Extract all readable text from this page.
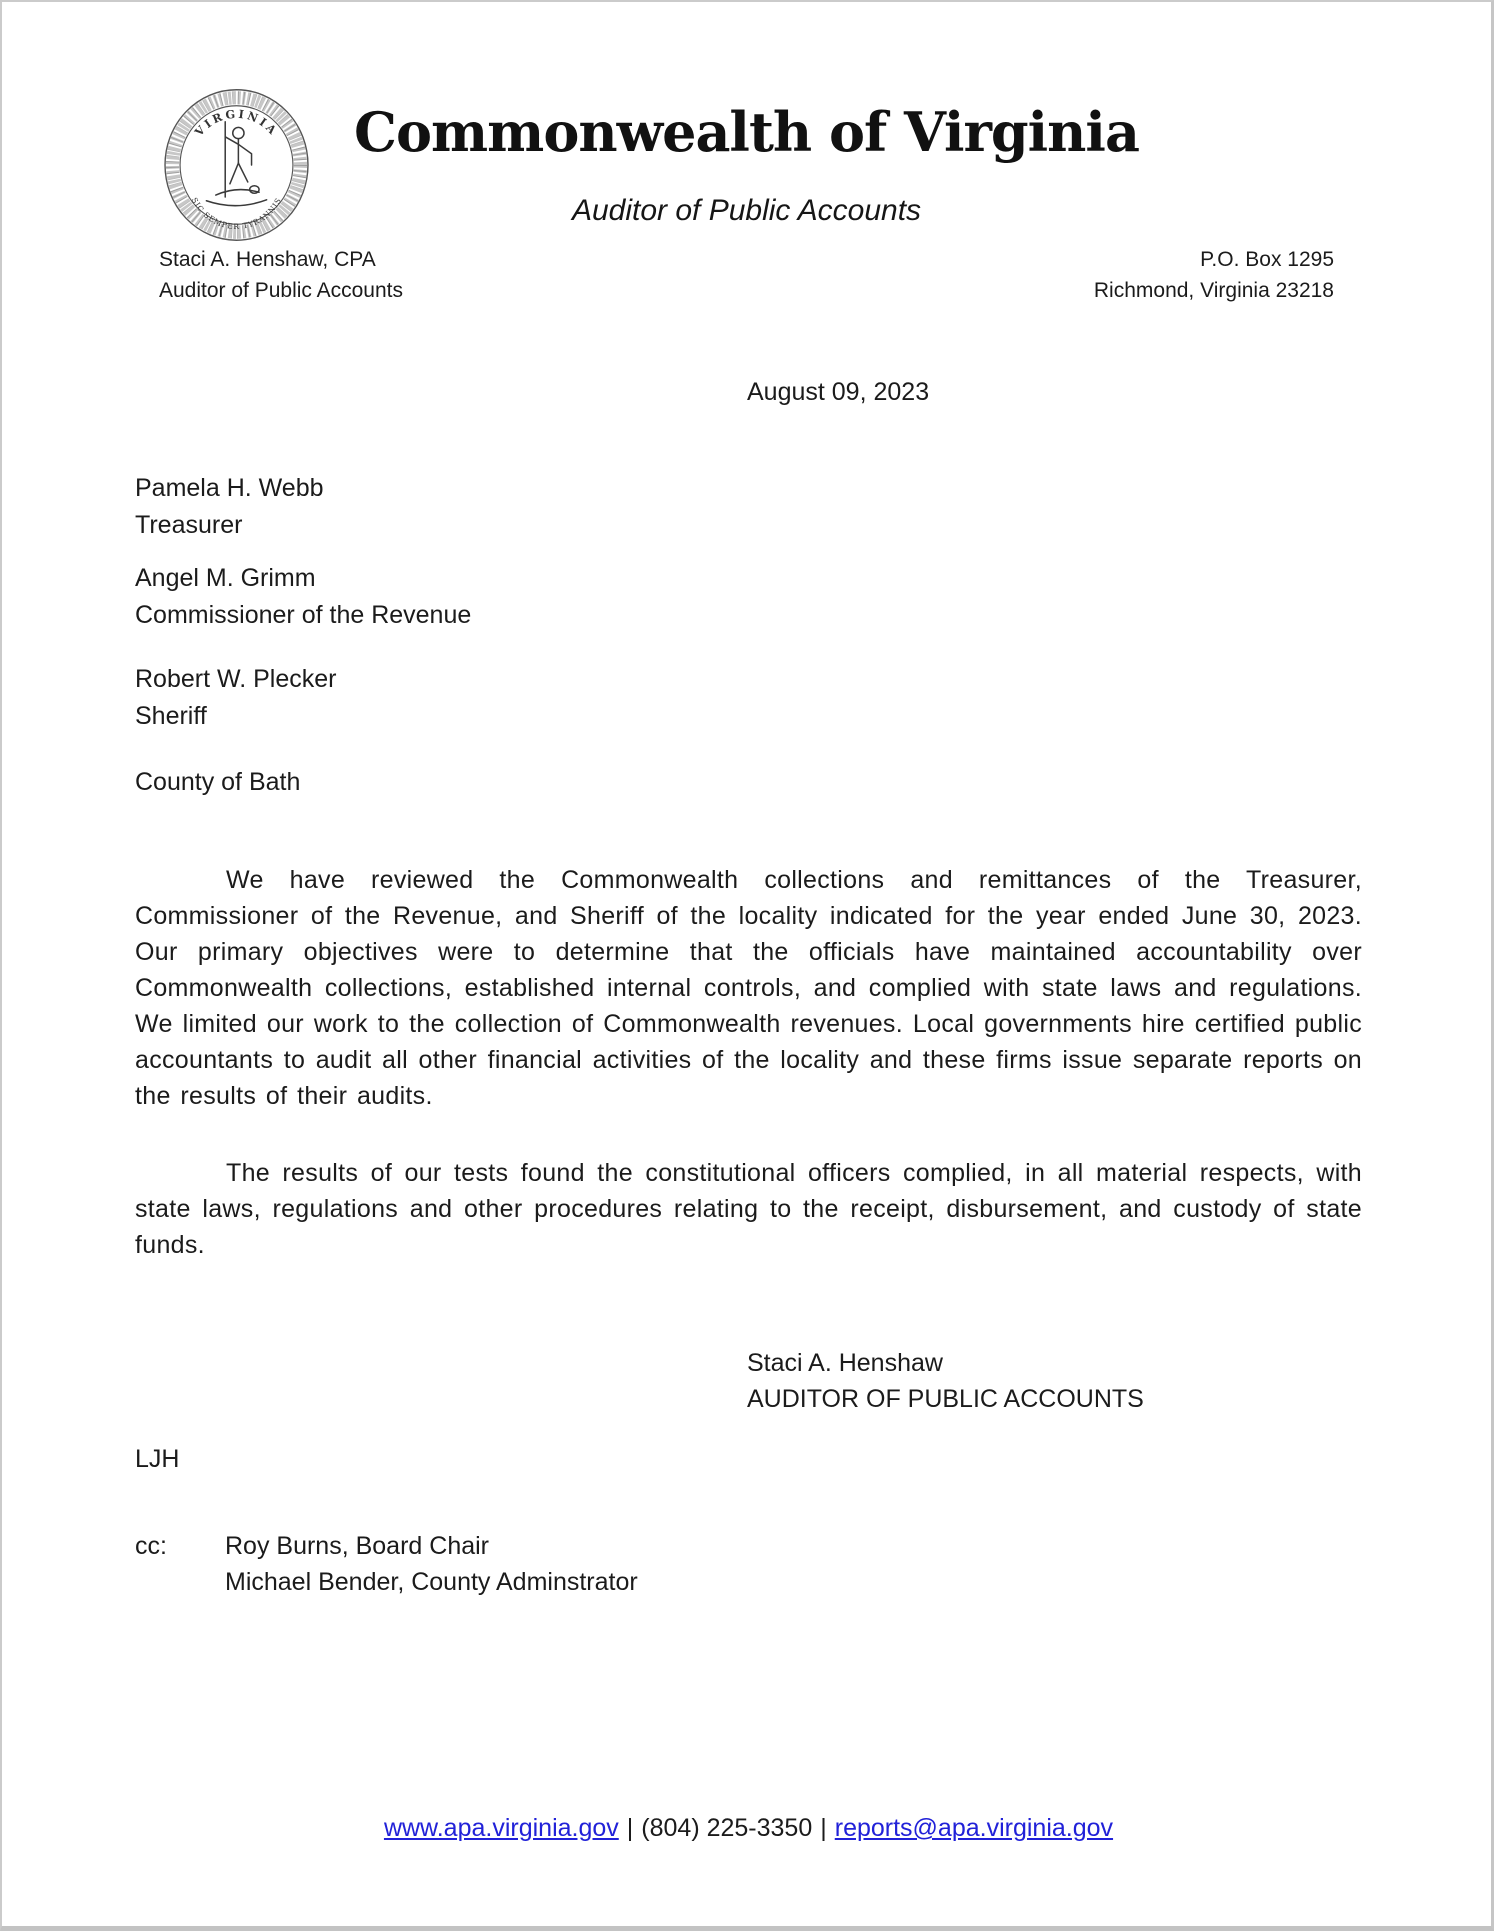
VIRGINIA
SIC SEMPER TYRANNIS
Commonwealth of Virginia
Auditor of Public Accounts
Staci A. Henshaw, CPA
Auditor of Public Accounts
P.O. Box 1295
Richmond, Virginia 23218
August 09, 2023
Pamela H. Webb
Treasurer
Angel M. Grimm
Commissioner of the Revenue
Robert W. Plecker
Sheriff
County of Bath

We have reviewed the Commonwealth collections and remittances of the Treasurer, Commissioner of the Revenue, and Sheriff of the locality indicated for the year ended June 30, 2023. Our primary objectives were to determine that the officials have maintained accountability over Commonwealth collections, established internal controls, and complied with state laws and regulations. We limited our work to the collection of Commonwealth revenues. Local governments hire certified public accountants to audit all other financial activities of the locality and these firms issue separate reports on the results of their audits.

The results of our tests found the constitutional officers complied, in all material respects, with state laws, regulations and other procedures relating to the receipt, disbursement, and custody of state funds.

Staci A. Henshaw
AUDITOR OF PUBLIC ACCOUNTS
LJH
cc:	Roy Burns, Board Chair
Michael Bender, County Adminstrator
www.apa.virginia.gov | (804) 225-3350 | reports@apa.virginia.gov
